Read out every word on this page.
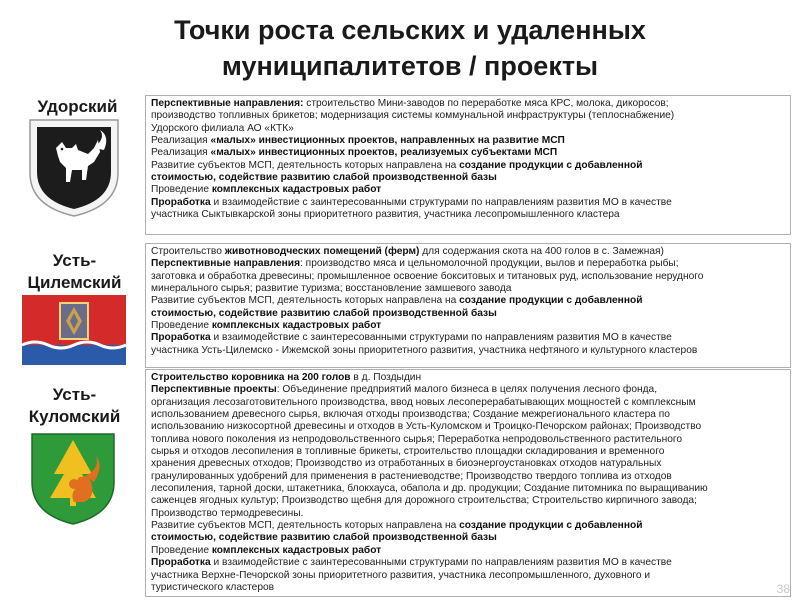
Точки роста сельских и удаленных
муниципалитетов / проекты
Удорский	Перспективные направления: строительство Мини-заводов по переработке мяса КРС, молока, дикоросов;

производство топливных брикетов; модернизация системы коммунальной инфраструктуры (теплоснабжение)

Удорского филиала АО «КТК»

Реализация «малых» инвестиционных проектов, направленных на развитие МСП

Реализация «малых» инвестиционных проектов, реализуемых субъектами МСП

Развитие субъектов МСП, деятельность которых направлена на создание продукции с добавленной

стоимостью, содействие развитию слабой производственной базы

Проведение комплексных кадастровых работ

Проработка и взаимодействие с заинтересованными структурами по направлениям развития МО в качестве

участника Сыктывкарской зоны приоритетного развития, участника лесопромышленного кластера

Усть-
Цилемский

Строительство животноводческих помещений (ферм) для содержания скота на 400 голов в с. Замежная)

Перспективные направления: производство мяса и цельномолочной продукции, вылов и переработка рыбы;

заготовка и обработка древесины; промышленное освоение бокситовых и титановых руд, использование нерудного

минерального сырья; развитие туризма; восстановление замшевого завода

Развитие субъектов МСП, деятельность которых направлена на создание продукции с добавленной

стоимостью, содействие развитию слабой производственной базы

Проведение комплексных кадастровых работ

Проработка и взаимодействие с заинтересованными структурами по направлениям развития МО в качестве

участника Усть-Цилемско - Ижемской зоны приоритетного развития, участника нефтяного и культурного кластеров

Усть-
Куломский

Строительство коровника на 200 голов в д. Поздыдин

Перспективные проекты: Объединение предприятий малого бизнеса в целях получения лесного фонда,

организация лесозаготовительного производства, ввод новых лесоперерабатывающих мощностей с комплексным

использованием древесного сырья, включая отходы производства; Создание межрегионального кластера по

использованию низкосортной древесины и отходов в Усть-Куломском и Троицко-Печорском районах; Производство

топлива нового поколения из непродовольственного сырья; Переработка непродовольственного растительного

сырья и отходов лесопиления в топливные брикеты, строительство площадки складирования и временного

хранения древесных отходов; Производство из отработанных в биоэнергоустановках отходов натуральных

гранулированных удобрений для применения в растениеводстве; Производство твердого топлива из отходов

лесопиления, тарной доски, штакетника, блокхауса, обапола и др. продукции; Создание питомника по выращиванию

саженцев ягодных культур; Производство щебня для дорожного строительства; Строительство кирпичного завода;

Производство термодревесины.

Развитие субъектов МСП, деятельность которых направлена на создание продукции с добавленной

стоимостью, содействие развитию слабой производственной базы

Проведение комплексных кадастровых работ

Проработка и взаимодействие с заинтересованными структурами по направлениям развития МО в качестве

участника Верхне-Печорской зоны приоритетного развития, участника лесопромышленного, духовного и

туристического кластеров	38
